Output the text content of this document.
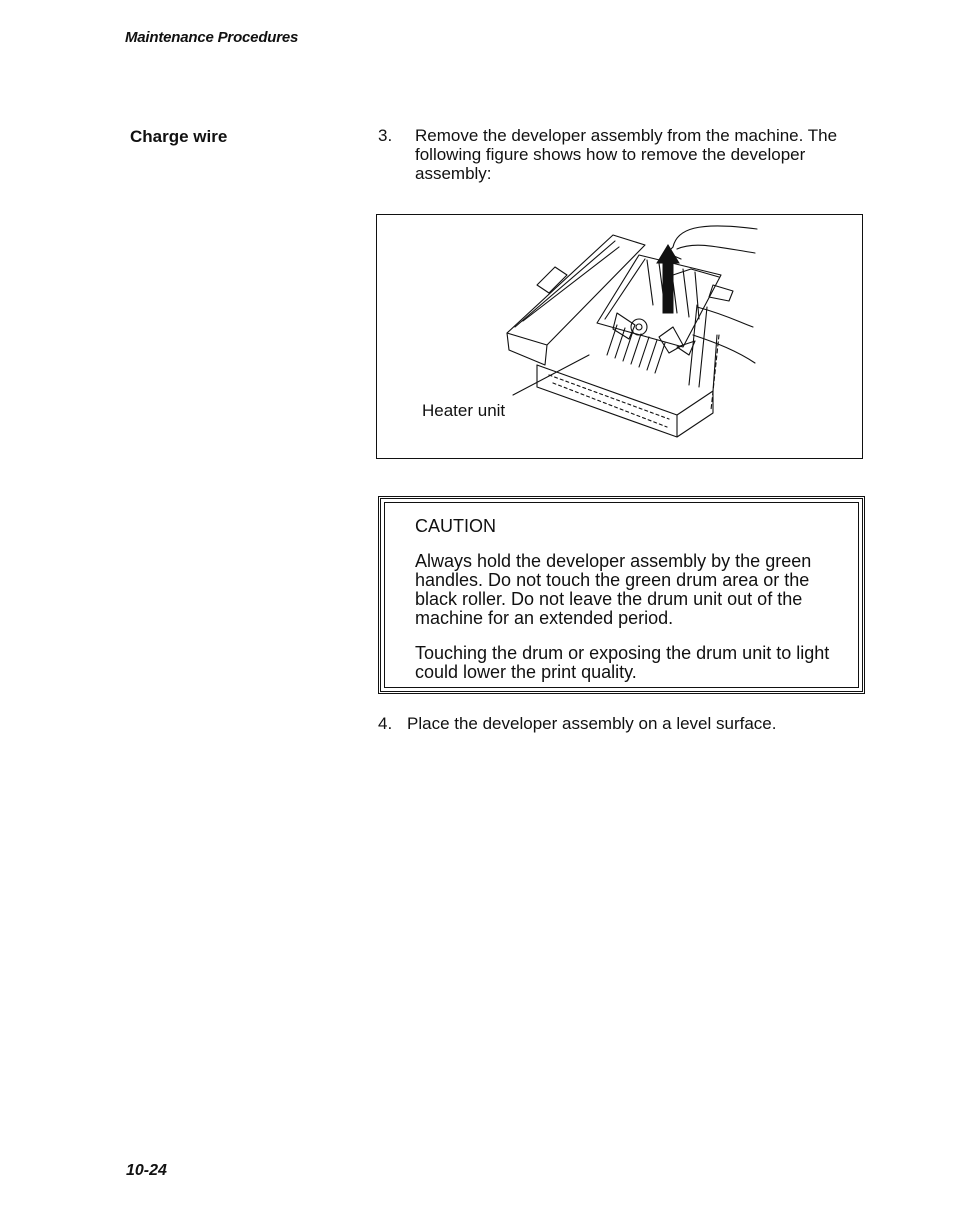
Maintenance Procedures
Charge wire	3. Remove the developer assembly from the machine. The following figure shows how to remove the developer assembly:
Heater unit
CAUTION
Always hold the developer assembly by the green handles. Do not touch the green drum area or the black roller. Do not leave the drum unit out of the machine for an extended period.
Touching the drum or exposing the drum unit to light could lower the print quality.
4. Place the developer assembly on a level surface.
10-24
